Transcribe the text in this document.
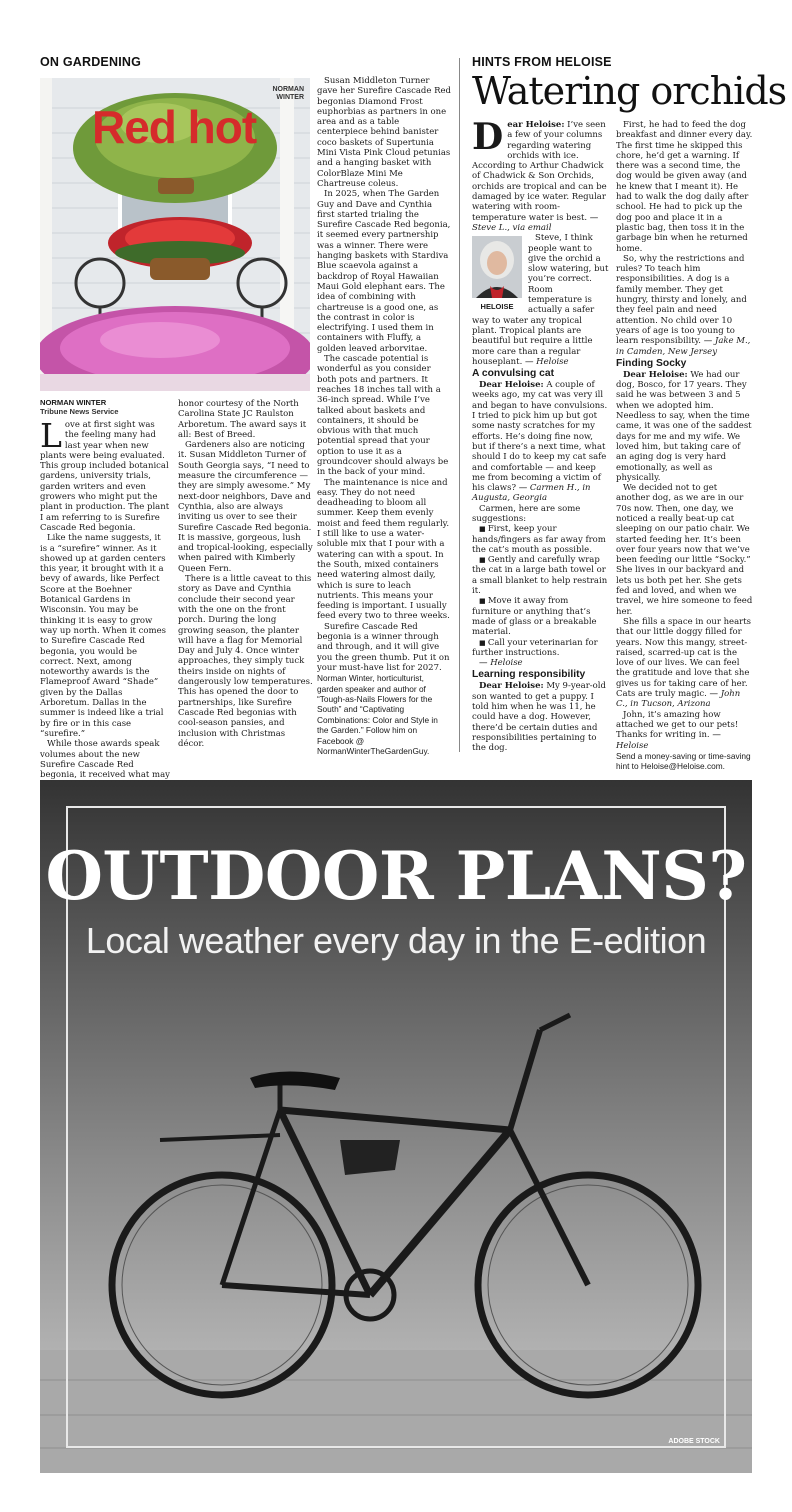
ON GARDENING
Red hot
NORMAN
WINTER
NORMAN WINTER
Tribune News Service

Love at first sight was the feeling many had last year when new plants were being evaluated. This group included botanical gardens, university trials, garden writers and even growers who might put the plant in production. The plant I am referring to is Surefire Cascade Red begonia.

Like the name suggests, it is a “surefire” winner. As it showed up at garden centers this year, it brought with it a bevy of awards, like Perfect Score at the Boehner Botanical Gardens in Wisconsin. You may be thinking it is easy to grow way up north. When it comes to Surefire Cascade Red begonia, you would be correct. Next, among noteworthy awards is the Flameproof Award “Shade” given by the Dallas Arboretum. Dallas in the summer is indeed like a trial by fire or in this case “surefire.”

While those awards speak volumes about the new Surefire Cascade Red begonia, it received what may

honor courtesy of the North Carolina State JC Raulston Arboretum. The award says it all: Best of Breed.

Gardeners also are noticing it. Susan Middleton Turner of South Georgia says, “I need to measure the circumference — they are simply awesome.” My next-door neighbors, Dave and Cynthia, also are always inviting us over to see their Surefire Cascade Red begonia. It is massive, gorgeous, lush and tropical-looking, especially when paired with Kimberly Queen Fern.

There is a little caveat to this story as Dave and Cynthia conclude their second year with the one on the front porch. During the long growing season, the planter will have a flag for Memorial Day and July 4. Once winter approaches, they simply tuck theirs inside on nights of dangerously low temperatures. This has opened the door to partnerships, like Surefire Cascade Red begonias with cool-season pansies, and inclusion with Christmas décor.

Susan Middleton Turner gave her Surefire Cascade Red begonias Diamond Frost euphorbias as partners in one area and as a table centerpiece behind banister coco baskets of Supertunia Mini Vista Pink Cloud petunias and a hanging basket with ColorBlaze Mini Me Chartreuse coleus.

In 2025, when The Garden Guy and Dave and Cynthia first started trialing the Surefire Cascade Red begonia, it seemed every partnership was a winner. There were hanging baskets with Stardiva Blue scaevola against a backdrop of Royal Hawaiian Maui Gold elephant ears. The idea of combining with chartreuse is a good one, as the contrast in color is electrifying. I used them in containers with Fluffy, a golden leaved arborvitae.

The cascade potential is wonderful as you consider both pots and partners. It reaches 18 inches tall with a 36-inch spread. While I’ve talked about baskets and containers, it should be obvious with that much potential spread that your option to use it as a groundcover should always be in the back of your mind.

The maintenance is nice and easy. They do not need deadheading to bloom all summer. Keep them evenly moist and feed them regularly. I still like to use a water-soluble mix that I pour with a watering can with a spout. In the South, mixed containers need watering almost daily, which is sure to leach nutrients. This means your feeding is important. I usually feed every two to three weeks.

Surefire Cascade Red begonia is a winner through and through, and it will give you the green thumb. Put it on your must-have list for 2027.

Norman Winter, horticulturist, garden speaker and author of “Tough-as-Nails Flowers for the South” and “Captivating Combinations: Color and Style in the Garden.” Follow him on Facebook @ NormanWinterTheGardenGuy.

HINTS FROM HELOISE
Watering orchids

Dear Heloise: I’ve seen a few of your columns regarding watering orchids with ice. According to Arthur Chadwick of Chadwick & Son Orchids, orchids are tropical and can be damaged by ice water. Regular watering with room-temperature water is best. — Steve L., via email

HELOISE

Steve, I think people want to give the orchid a slow watering, but you’re correct. Room temperature is actually a safer way to water any tropical plant. Tropical plants are beautiful but require a little more care than a regular houseplant. — Heloise

A convulsing cat

Dear Heloise: A couple of weeks ago, my cat was very ill and began to have convulsions. I tried to pick him up but got some nasty scratches for my efforts. He’s doing fine now, but if there’s a next time, what should I do to keep my cat safe and comfortable — and keep me from becoming a victim of his claws? — Carmen H., in Augusta, Georgia

Carmen, here are some suggestions:

■ First, keep your hands/fingers as far away from the cat’s mouth as possible.

■ Gently and carefully wrap the cat in a large bath towel or a small blanket to help restrain it.

■ Move it away from furniture or anything that’s made of glass or a breakable material.

■ Call your veterinarian for further instructions.

— Heloise

Learning responsibility

Dear Heloise: My 9-year-old son wanted to get a puppy. I told him when he was 11, he could have a dog. However, there’d be certain duties and responsibilities pertaining to the dog.

First, he had to feed the dog breakfast and dinner every day. The first time he skipped this chore, he’d get a warning. If there was a second time, the dog would be given away (and he knew that I meant it). He had to walk the dog daily after school. He had to pick up the dog poo and place it in a plastic bag, then toss it in the garbage bin when he returned home.

So, why the restrictions and rules? To teach him responsibilities. A dog is a family member. They get hungry, thirsty and lonely, and they feel pain and need attention. No child over 10 years of age is too young to learn responsibility. — Jake M., in Camden, New Jersey

Finding Socky

Dear Heloise: We had our dog, Bosco, for 17 years. They said he was between 3 and 5 when we adopted him. Needless to say, when the time came, it was one of the saddest days for me and my wife. We loved him, but taking care of an aging dog is very hard emotionally, as well as physically.

We decided not to get another dog, as we are in our 70s now. Then, one day, we noticed a really beat-up cat sleeping on our patio chair. We started feeding her. It’s been over four years now that we’ve been feeding our little “Socky.” She lives in our backyard and lets us both pet her. She gets fed and loved, and when we travel, we hire someone to feed her.

She fills a space in our hearts that our little doggy filled for years. Now this mangy, street-raised, scarred-up cat is the love of our lives. We can feel the gratitude and love that she gives us for taking care of her. Cats are truly magic. — John C., in Tucson, Arizona

John, it’s amazing how attached we get to our pets! Thanks for writing in. — Heloise

Send a money-saving or time-saving hint to Heloise@Heloise.com.

OUTDOOR PLANS?
Local weather every day in the E-edition
ADOBE STOCK
